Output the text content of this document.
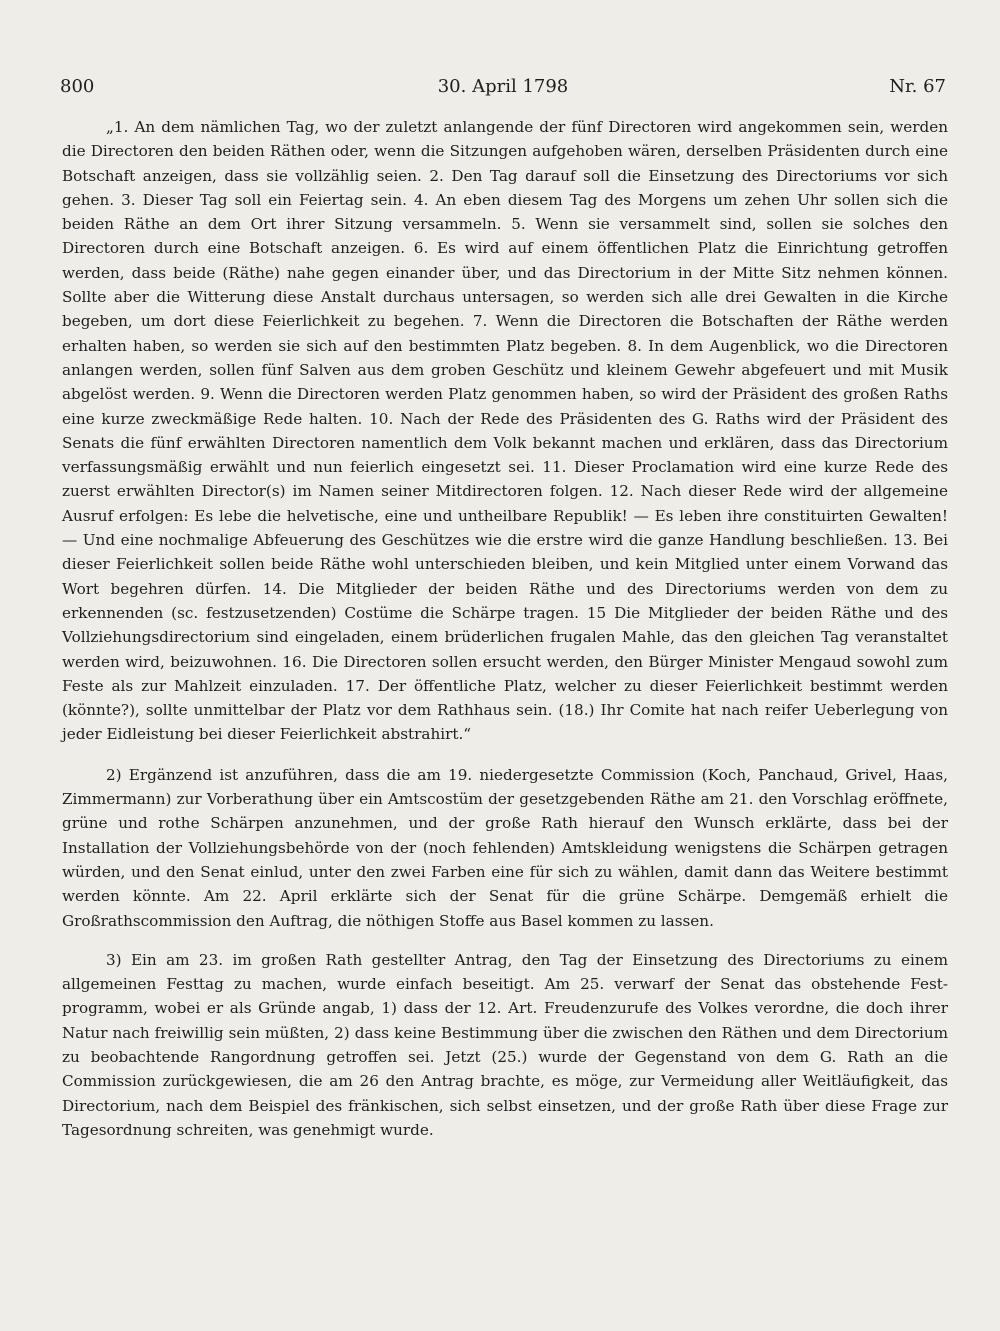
800	30. April 1798	Nr. 67

„1. An dem nämlichen Tag, wo der zuletzt anlangende der fünf Directoren wird angekommen sein, werden die Directoren den beiden Räthen oder, wenn die Sitzungen aufgehoben wären, derselben Präsidenten durch eine Botschaft anzeigen, dass sie vollzählig seien. 2. Den Tag darauf soll die Einsetzung des Directoriums vor sich gehen. 3. Dieser Tag soll ein Feiertag sein. 4. An eben diesem Tag des Morgens um zehen Uhr sollen sich die beiden Räthe an dem Ort ihrer Sitzung versammeln. 5. Wenn sie versammelt sind, sollen sie solches den Directoren durch eine Botschaft anzeigen. 6. Es wird auf einem öffentlichen Platz die Einrichtung getroffen werden, dass beide (Räthe) nahe gegen einander über, und das Directorium in der Mitte Sitz nehmen können. Sollte aber die Witterung diese Anstalt durchaus untersagen, so werden sich alle drei Gewalten in die Kirche begeben, um dort diese Feierlichkeit zu begehen. 7. Wenn die Directoren die Botschaften der Räthe werden erhalten haben, so werden sie sich auf den bestimmten Platz begeben. 8. In dem Augenblick, wo die Directoren anlangen werden, sollen fünf Salven aus dem groben Geschütz und kleinem Gewehr abgefeuert und mit Musik abgelöst werden. 9. Wenn die Directoren werden Platz genommen haben, so wird der Präsident des großen Raths eine kurze zweckmäßige Rede halten. 10. Nach der Rede des Präsidenten des G. Raths wird der Präsident des Senats die fünf erwählten Directoren namentlich dem Volk bekannt machen und erklären, dass das Directorium verfassungsmäßig erwählt und nun feierlich eingesetzt sei. 11. Dieser Proclamation wird eine kurze Rede des zuerst erwählten Director(s) im Namen seiner Mitdirectoren folgen. 12. Nach dieser Rede wird der allgemeine Ausruf erfolgen: Es lebe die helvetische, eine und untheilbare Republik! — Es leben ihre constituirten Gewalten! — Und eine nochmalige Abfeuerung des Geschützes wie die erstre wird die ganze Handlung beschließen. 13. Bei dieser Feierlichkeit sollen beide Räthe wohl unterschieden bleiben, und kein Mitglied unter einem Vorwand das Wort begehren dürfen. 14. Die Mitglieder der beiden Räthe und des Directoriums werden von dem zu erkennenden (sc. festzusetzenden) Costüme die Schärpe tragen. 15 Die Mitglieder der beiden Räthe und des Vollziehungsdirectorium sind eingeladen, einem brüderlichen frugalen Mahle, das den gleichen Tag veranstaltet werden wird, beizuwohnen. 16. Die Directoren sollen ersucht werden, den Bürger Minister Mengaud sowohl zum Feste als zur Mahlzeit einzuladen. 17. Der öffentliche Platz, welcher zu dieser Feierlichkeit bestimmt werden (könnte?), sollte unmittelbar der Platz vor dem Rathhaus sein. (18.) Ihr Comite hat nach reifer Ueberlegung von jeder Eidleistung bei dieser Feierlichkeit abstrahirt.“

2) Ergänzend ist anzuführen, dass die am 19. niedergesetzte Commission (Koch, Panchaud, Grivel, Haas, Zimmermann) zur Vorberathung über ein Amtscostüm der gesetzgebenden Räthe am 21. den Vorschlag eröffnete, grüne und rothe Schärpen anzunehmen, und der große Rath hierauf den Wunsch erklärte, dass bei der Installation der Vollziehungsbehörde von der (noch fehlenden) Amtskleidung wenigstens die Schärpen getragen würden, und den Senat einlud, unter den zwei Farben eine für sich zu wählen, damit dann das Weitere bestimmt werden könnte. Am 22. April erklärte sich der Senat für die grüne Schärpe. Demgemäß erhielt die Großrathscommission den Auftrag, die nöthigen Stoffe aus Basel kommen zu lassen.

3) Ein am 23. im großen Rath gestellter Antrag, den Tag der Einsetzung des Directoriums zu einem allgemeinen Festtag zu machen, wurde einfach beseitigt. Am 25. verwarf der Senat das obstehende Festprogramm, wobei er als Gründe angab, 1) dass der 12. Art. Freudenzurufe des Volkes verordne, die doch ihrer Natur nach freiwillig sein müßten, 2) dass keine Bestimmung über die zwischen den Räthen und dem Directorium zu beobachtende Rangordnung getroffen sei. Jetzt (25.) wurde der Gegenstand von dem G. Rath an die Commission zurückgewiesen, die am 26 den Antrag brachte, es möge, zur Vermeidung aller Weitläufigkeit, das Directorium, nach dem Beispiel des fränkischen, sich selbst einsetzen, und der große Rath über diese Frage zur Tagesordnung schreiten, was genehmigt wurde.
